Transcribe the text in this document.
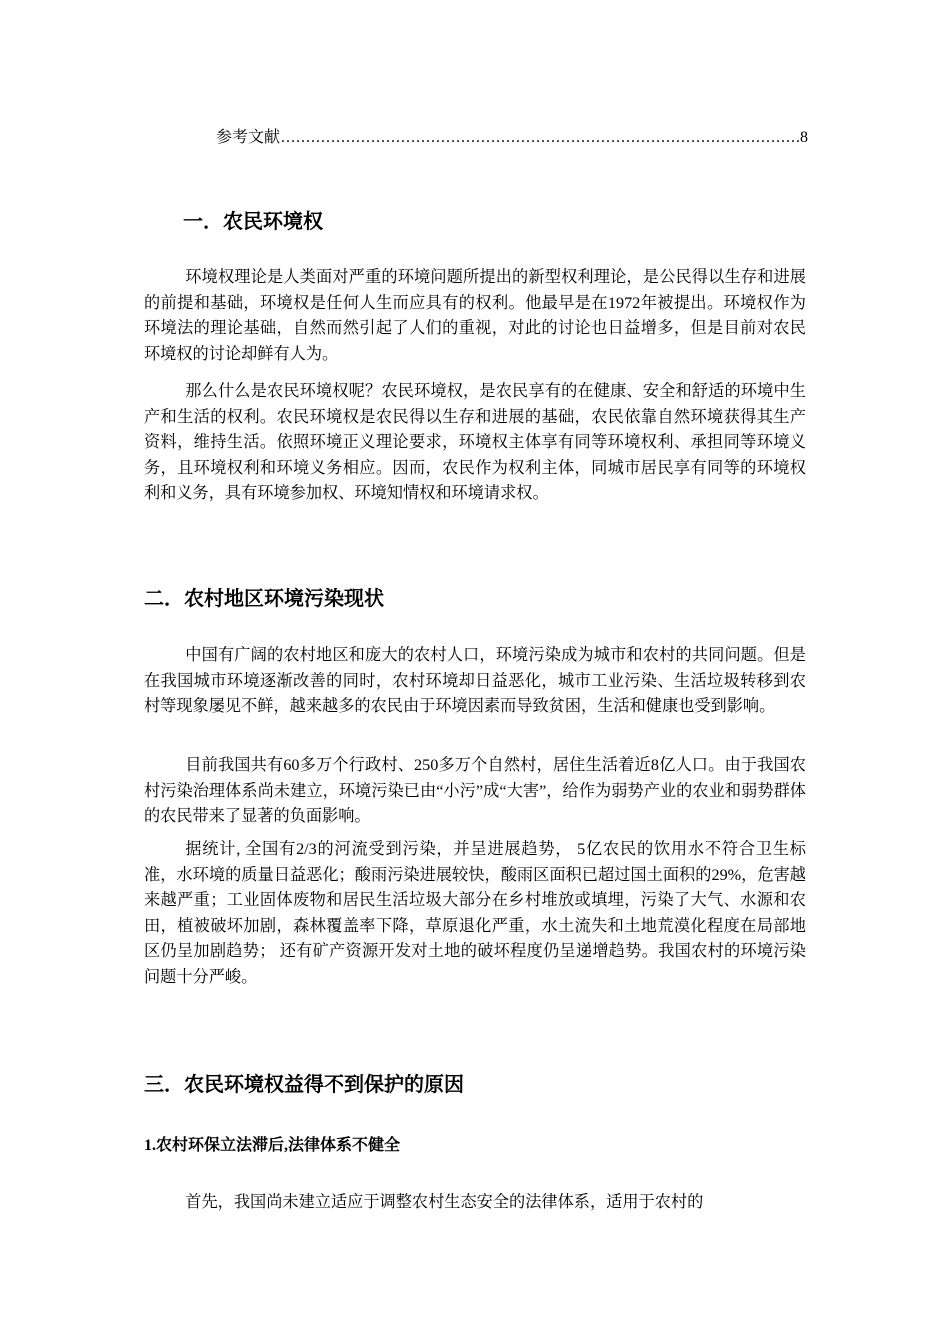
参考文献
.....	8
一．农民环境权

环境权理论是人类面对严重的环境问题所提出的新型权利理论，是公民得以生存和进展的前提和基础，环境权是任何人生而应具有的权利。他最早是在1972年被提出。环境权作为环境法的理论基础，自然而然引起了人们的重视，对此的讨论也日益增多，但是目前对农民环境权的讨论却鲜有人为。

那么什么是农民环境权呢？农民环境权，是农民享有的在健康、安全和舒适的环境中生产和生活的权利。农民环境权是农民得以生存和进展的基础，农民依靠自然环境获得其生产资料，维持生活。依照环境正义理论要求，环境权主体享有同等环境权利、承担同等环境义务，且环境权利和环境义务相应。因而，农民作为权利主体，同城市居民享有同等的环境权利和义务，具有环境参加权、环境知情权和环境请求权。

二．农村地区环境污染现状

中国有广阔的农村地区和庞大的农村人口，环境污染成为城市和农村的共同问题。但是在我国城市环境逐渐改善的同时，农村环境却日益恶化，城市工业污染、生活垃圾转移到农村等现象屡见不鲜，越来越多的农民由于环境因素而导致贫困，生活和健康也受到影响。

目前我国共有60多万个行政村、250多万个自然村，居住生活着近8亿人口。由于我国农村污染治理体系尚未建立，环境污染已由“小污”成“大害”，给作为弱势产业的农业和弱势群体的农民带来了显著的负面影响。

据统计, 全国有2/3的河流受到污染，并呈进展趋势， 5亿农民的饮用水不符合卫生标准，水环境的质量日益恶化；酸雨污染进展较快，酸雨区面积已超过国土面积的29%，危害越来越严重；工业固体废物和居民生活垃圾大部分在乡村堆放或填埋，污染了大气、水源和农田，植被破坏加剧，森林覆盖率下降，草原退化严重，水土流失和土地荒漠化程度在局部地区仍呈加剧趋势； 还有矿产资源开发对土地的破坏程度仍呈递增趋势。我国农村的环境污染问题十分严峻。

三．农民环境权益得不到保护的原因
1.农村环保立法滞后,法律体系不健全

首先，我国尚未建立适应于调整农村生态安全的法律体系，适用于农村的
